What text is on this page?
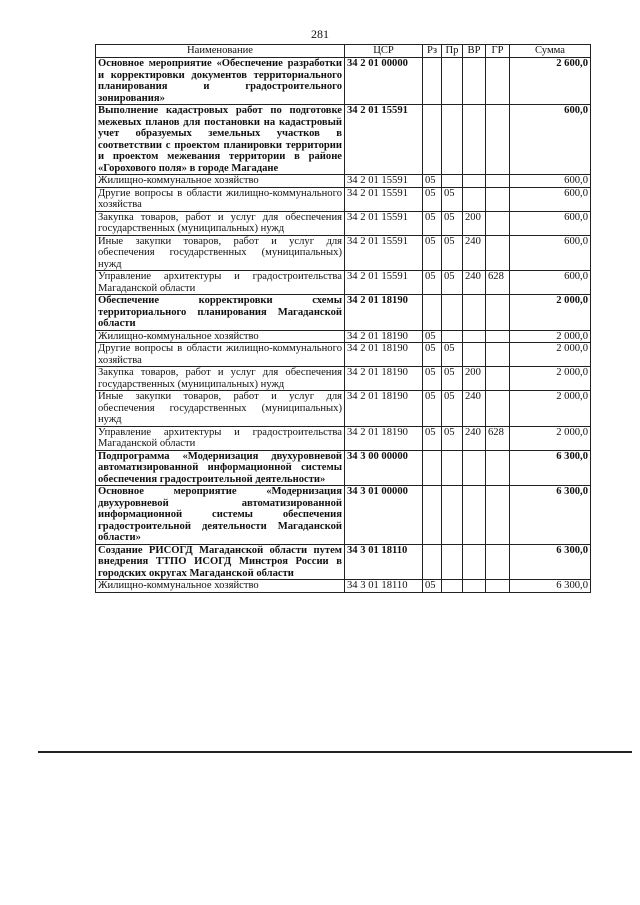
281
Наименование	ЦСР	Рз	Пр	ВР	ГР	Сумма
Основное мероприятие «Обеспечение разработки и корректировки документов территориального планирования и градостроительного зонирования»	34 2 01 00000					2 600,0
Выполнение кадастровых работ по подготовке межевых планов для постановки на кадастровый учет образуемых земельных участков в соответствии с проектом планировки территории и проектом межевания территории в районе «Горохового поля» в городе Магадане	34 2 01 15591					600,0
Жилищно-коммунальное хозяйство	34 2 01 15591	05				600,0
Другие вопросы в области жилищно-коммунального хозяйства	34 2 01 15591	05	05			600,0
Закупка товаров, работ и услуг для обеспечения государственных (муниципальных) нужд	34 2 01 15591	05	05	200		600,0
Иные закупки товаров, работ и услуг для обеспечения государственных (муниципальных) нужд	34 2 01 15591	05	05	240		600,0
Управление архитектуры и градостроительства Магаданской области	34 2 01 15591	05	05	240	628	600,0
Обеспечение корректировки схемы территориального планирования Магаданской области	34 2 01 18190					2 000,0
Жилищно-коммунальное хозяйство	34 2 01 18190	05				2 000,0
Другие вопросы в области жилищно-коммунального хозяйства	34 2 01 18190	05	05			2 000,0
Закупка товаров, работ и услуг для обеспечения государственных (муниципальных) нужд	34 2 01 18190	05	05	200		2 000,0
Иные закупки товаров, работ и услуг для обеспечения государственных (муниципальных) нужд	34 2 01 18190	05	05	240		2 000,0
Управление архитектуры и градостроительства Магаданской области	34 2 01 18190	05	05	240	628	2 000,0
Подпрограмма «Модернизация двухуровневой автоматизированной информационной системы обеспечения градостроительной деятельности»	34 3 00 00000					6 300,0
Основное мероприятие «Модернизация двухуровневой автоматизированной информационной системы обеспечения градостроительной деятельности Магаданской области»	34 3 01 00000					6 300,0
Создание РИСОГД Магаданской области путем внедрения ТТПО ИСОГД Минстроя России в городских округах Магаданской области	34 3 01 18110					6 300,0
Жилищно-коммунальное хозяйство	34 3 01 18110	05				6 300,0
